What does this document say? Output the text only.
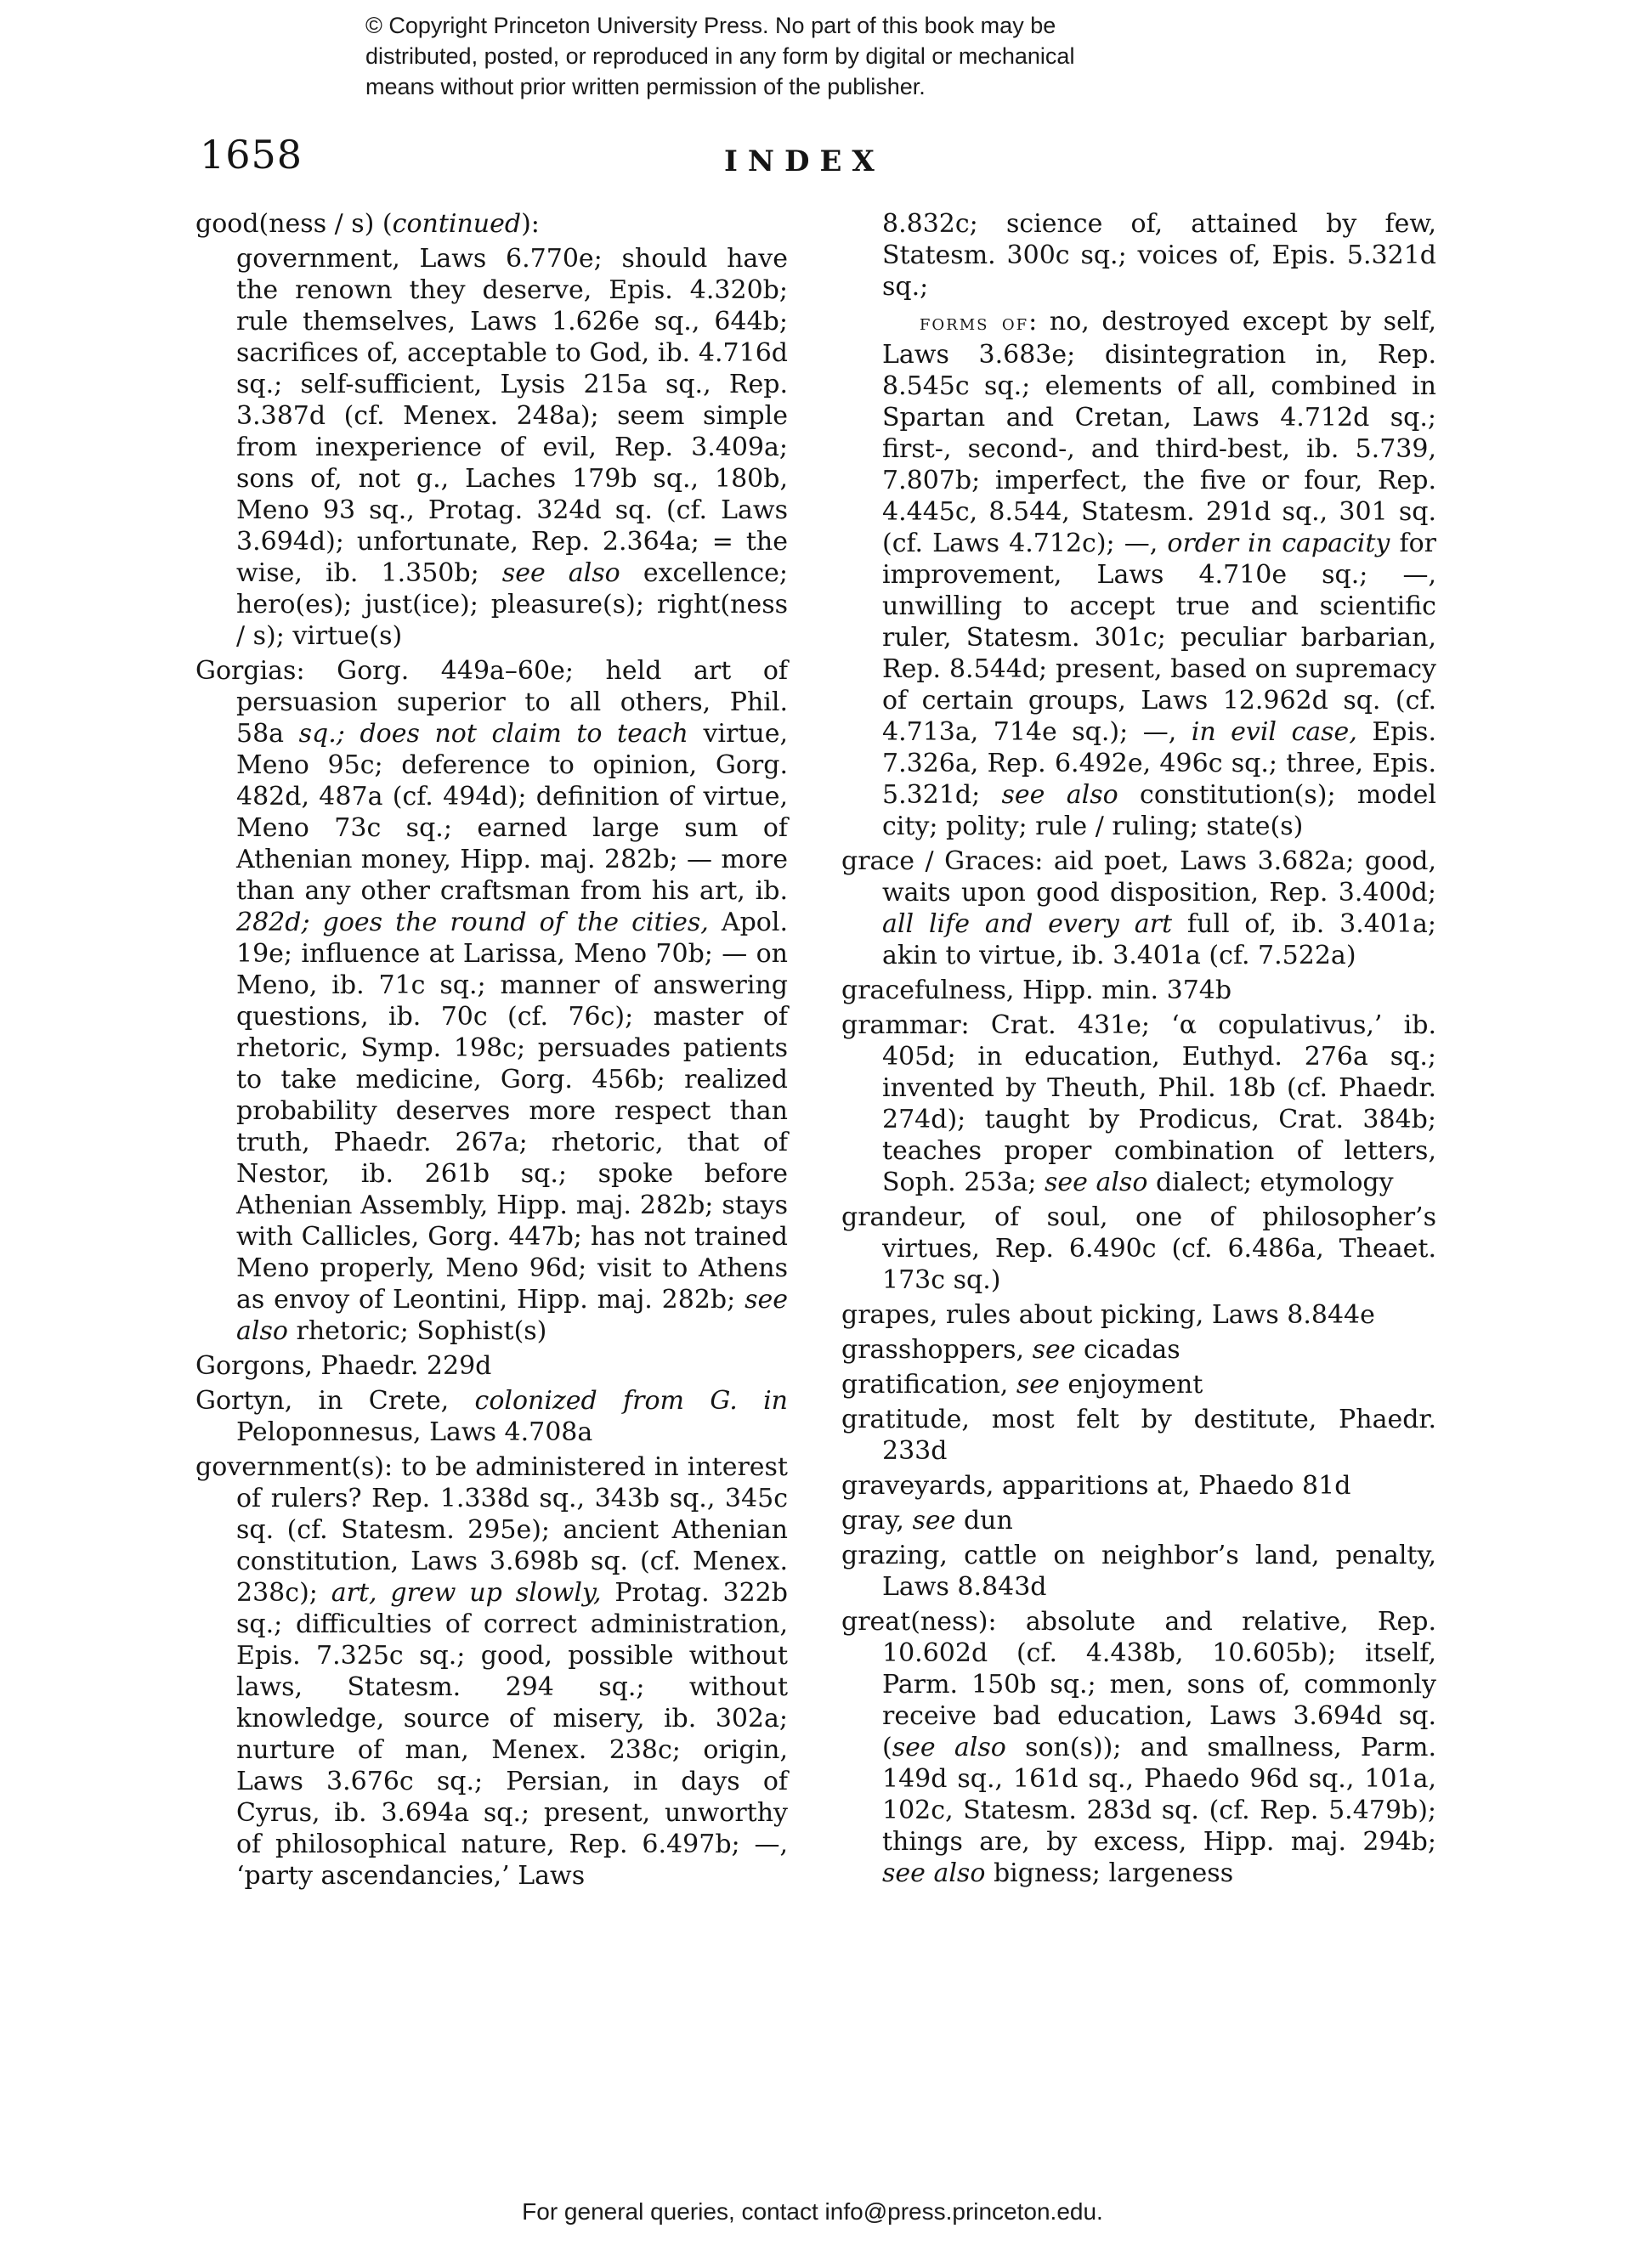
© Copyright Princeton University Press. No part of this book may be
distributed, posted, or reproduced in any form by digital or mechanical
means without prior written permission of the publisher.
1658	INDEX

good(ness / s) (continued):

government, Laws 6.770e; should have the renown they deserve, Epis. 4.320b; rule themselves, Laws 1.626e sq., 644b; sacrifices of, acceptable to God, ib. 4.716d sq.; self-sufficient, Lysis 215a sq., Rep. 3.387d (cf. Menex. 248a); seem simple from inexperience of evil, Rep. 3.409a; sons of, not g., Laches 179b sq., 180b, Meno 93 sq., Protag. 324d sq. (cf. Laws 3.694d); unfortunate, Rep. 2.364a; = the wise, ib. 1.350b; see also excellence; hero(es); just(ice); pleasure(s); right(ness / s); virtue(s)

Gorgias: Gorg. 449a–60e; held art of persuasion superior to all others, Phil. 58a sq.; does not claim to teach virtue, Meno 95c; deference to opinion, Gorg. 482d, 487a (cf. 494d); definition of virtue, Meno 73c sq.; earned large sum of Athenian money, Hipp. maj. 282b; — more than any other craftsman from his art, ib. 282d; goes the round of the cities, Apol. 19e; influence at Larissa, Meno 70b; — on Meno, ib. 71c sq.; manner of answering questions, ib. 70c (cf. 76c); master of rhetoric, Symp. 198c; persuades patients to take medicine, Gorg. 456b; realized probability deserves more respect than truth, Phaedr. 267a; rhetoric, that of Nestor, ib. 261b sq.; spoke before Athenian Assembly, Hipp. maj. 282b; stays with Callicles, Gorg. 447b; has not trained Meno properly, Meno 96d; visit to Athens as envoy of Leontini, Hipp. maj. 282b; see also rhetoric; Sophist(s)

Gorgons, Phaedr. 229d

Gortyn, in Crete, colonized from G. in Peloponnesus, Laws 4.708a

government(s): to be administered in interest of rulers? Rep. 1.338d sq., 343b sq., 345c sq. (cf. Statesm. 295e); ancient Athenian constitution, Laws 3.698b sq. (cf. Menex. 238c); art, grew up slowly, Protag. 322b sq.; difficulties of correct administration, Epis. 7.325c sq.; good, possible without laws, Statesm. 294 sq.; without knowledge, source of misery, ib. 302a; nurture of man, Menex. 238c; origin, Laws 3.676c sq.; Persian, in days of Cyrus, ib. 3.694a sq.; present, unworthy of philosophical nature, Rep. 6.497b; —, ‘party ascendancies,’ Laws

8.832c; science of, attained by few, Statesm. 300c sq.; voices of, Epis. 5.321d sq.;

forms of: no, destroyed except by self, Laws 3.683e; disintegration in, Rep. 8.545c sq.; elements of all, combined in Spartan and Cretan, Laws 4.712d sq.; first-, second-, and third-best, ib. 5.739, 7.807b; imperfect, the five or four, Rep. 4.445c, 8.544, Statesm. 291d sq., 301 sq. (cf. Laws 4.712c); —, order in capacity for improvement, Laws 4.710e sq.; —, unwilling to accept true and scientific ruler, Statesm. 301c; peculiar barbarian, Rep. 8.544d; present, based on supremacy of certain groups, Laws 12.962d sq. (cf. 4.713a, 714e sq.); —, in evil case, Epis. 7.326a, Rep. 6.492e, 496c sq.; three, Epis. 5.321d; see also constitution(s); model city; polity; rule / ruling; state(s)

grace / Graces: aid poet, Laws 3.682a; good, waits upon good disposition, Rep. 3.400d; all life and every art full of, ib. 3.401a; akin to virtue, ib. 3.401a (cf. 7.522a)

gracefulness, Hipp. min. 374b

grammar: Crat. 431e; ‘α copulativus,’ ib. 405d; in education, Euthyd. 276a sq.; invented by Theuth, Phil. 18b (cf. Phaedr. 274d); taught by Prodicus, Crat. 384b; teaches proper combination of letters, Soph. 253a; see also dialect; etymology

grandeur, of soul, one of philosopher’s virtues, Rep. 6.490c (cf. 6.486a, Theaet. 173c sq.)

grapes, rules about picking, Laws 8.844e

grasshoppers, see cicadas

gratification, see enjoyment

gratitude, most felt by destitute, Phaedr. 233d

graveyards, apparitions at, Phaedo 81d

gray, see dun

grazing, cattle on neighbor’s land, penalty, Laws 8.843d

great(ness): absolute and relative, Rep. 10.602d (cf. 4.438b, 10.605b); itself, Parm. 150b sq.; men, sons of, commonly receive bad education, Laws 3.694d sq. (see also son(s)); and smallness, Parm. 149d sq., 161d sq., Phaedo 96d sq., 101a, 102c, Statesm. 283d sq. (cf. Rep. 5.479b); things are, by excess, Hipp. maj. 294b; see also bigness; largeness

For general queries, contact info@press.princeton.edu.
